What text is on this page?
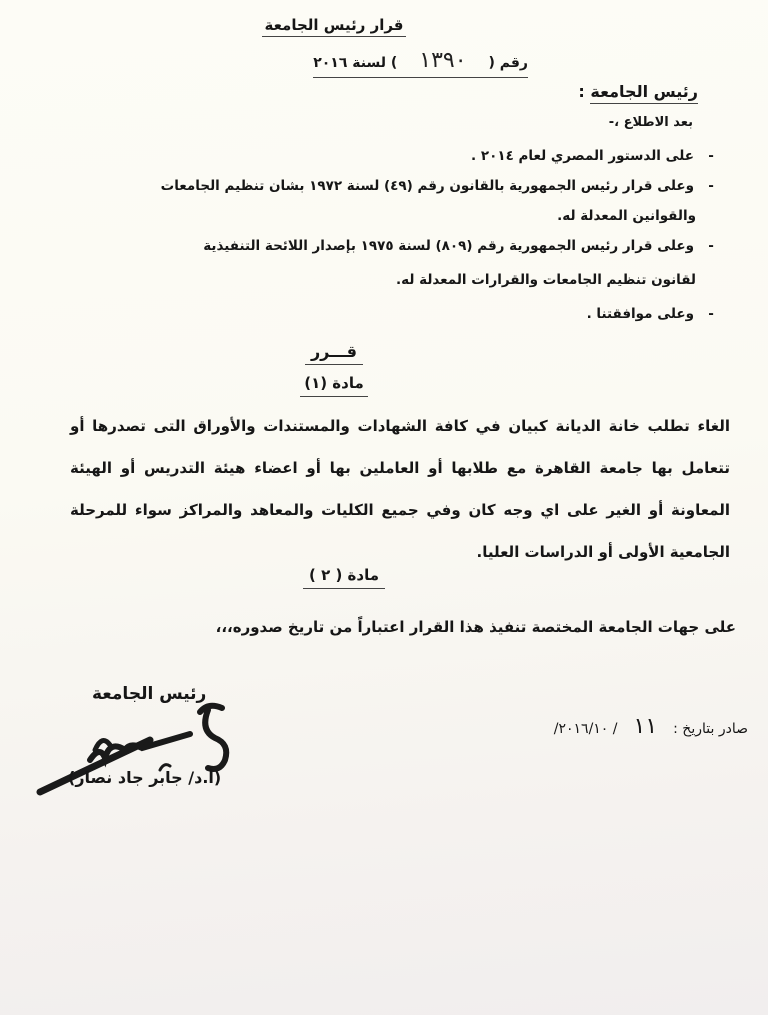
قرار رئيس الجامعة
رقم (
١٣٩٠
) لسنة ٢٠١٦
رئيس الجامعة :
بعد الاطلاع ،-
-على الدستور المصري لعام ٢٠١٤ .
-وعلى قرار رئيس الجمهورية بالقانون رقم (٤٩) لسنة ١٩٧٢ بشان تنظيم الجامعات
والقوانين المعدلة له.
-وعلى قرار رئيس الجمهورية رقم (٨٠٩) لسنة ١٩٧٥ بإصدار اللائحة التنفيذية
لقانون تنظيم الجامعات والقرارات المعدلة له.
-وعلى موافقتنا .
قـــرر
مادة (١)
الغاء تطلب خانة الديانة كبيان في كافة الشهادات والمستندات والأوراق التى تصدرها أو تتعامل بها جامعة القاهرة مع طلابها أو العاملين بها أو اعضاء هيئة التدريس أو الهيئة المعاونة أو الغير على اي وجه كان وفي جميع الكليات والمعاهد والمراكز سواء للمرحلة الجامعية الأولى أو الدراسات العليا.
مادة ( ٢ )
على جهات الجامعة المختصة تنفيذ هذا القرار اعتباراً من تاريخ صدوره،،،
رئيس الجامعة
(أ.د/ جابر جاد نصار)
صادر بتاريخ :
١١
/ ٢٠١٦/١٠/
